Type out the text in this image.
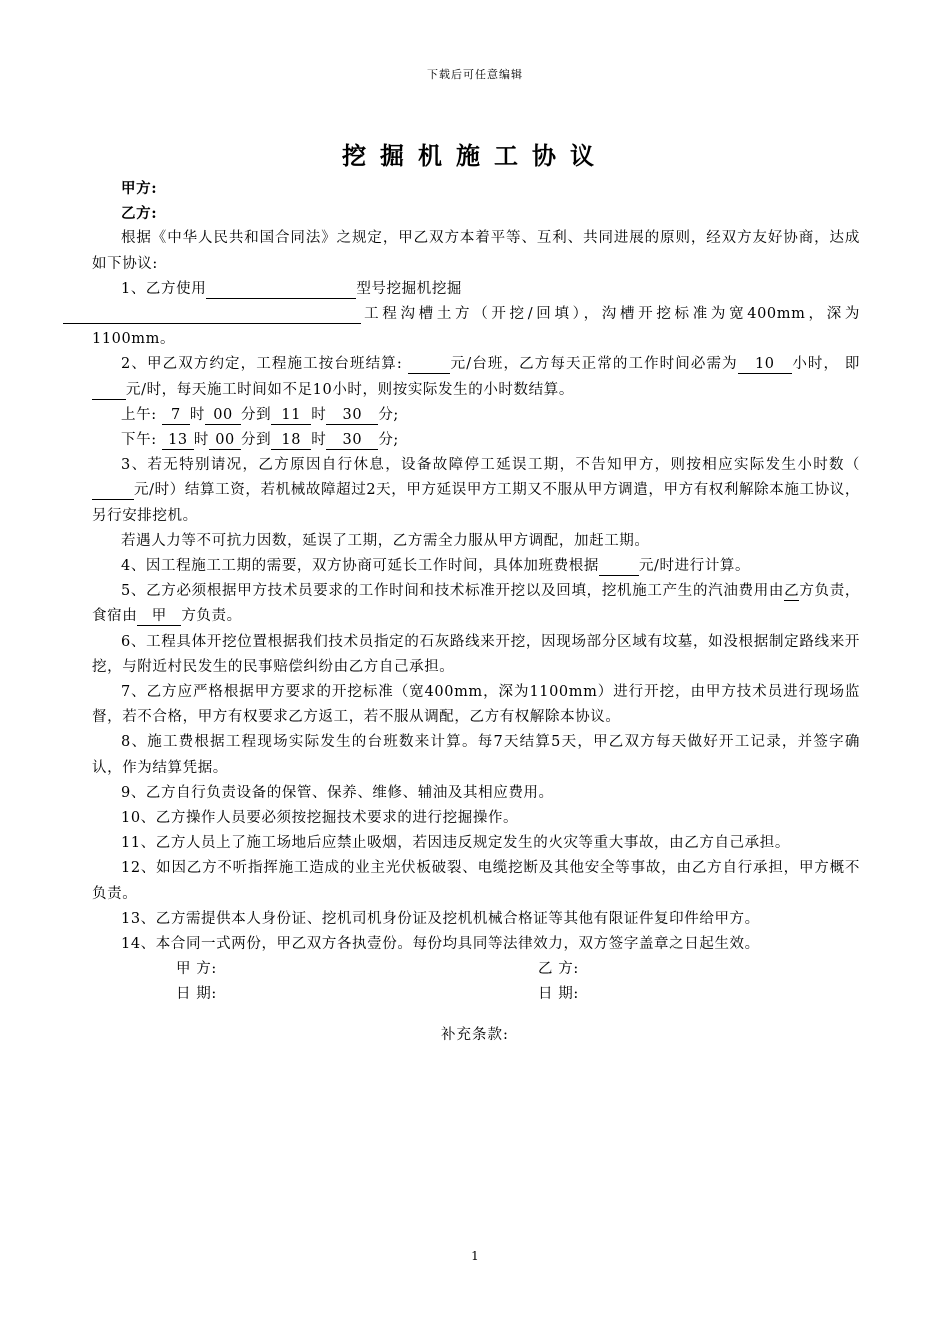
下载后可任意编辑
挖掘机施工协议

甲方:

乙方:

根据《中华人民共和国合同法》之规定，甲乙双方本着平等、互利、共同进展的原则，经双方友好协商，达成如下协议:

1、乙方使用	型号挖掘机挖掘
工程沟槽土方（开挖/回填），沟槽开挖标准为宽400mm，深为1100mm。

2、甲乙双方约定，工程施工按台班结算:	元/台班，乙方每天正常的工作时间必需为 10 小时， 即 元/时，每天施工时间如不足10小时，则按实际发生的小时数结算。

上午: 7 时 00 分到 11 时 30 分;

下午: 13 时 00 分到 18 时 30 分;

3、若无特别请况，乙方原因自行休息，设备故障停工延误工期，不告知甲方，则按相应实际发生小时数（ 元/时）结算工资，若机械故障超过2天，甲方延误甲方工期又不服从甲方调遣，甲方有权利解除本施工协议，另行安排挖机。

若遇人力等不可抗力因数，延误了工期，乙方需全力服从甲方调配，加赶工期。

4、因工程施工工期的需要，双方协商可延长工作时间，具体加班费根据	元/时进行计算。

5、乙方必须根据甲方技术员要求的工作时间和技术标准开挖以及回填，挖机施工产生的汽油费用由乙方负责，食宿由 甲 方负责。

6、工程具体开挖位置根据我们技术员指定的石灰路线来开挖，因现场部分区域有坟墓，如没根据制定路线来开挖，与附近村民发生的民事赔偿纠纷由乙方自己承担。

7、乙方应严格根据甲方要求的开挖标准（宽400mm，深为1100mm）进行开挖，由甲方技术员进行现场监督，若不合格，甲方有权要求乙方返工，若不服从调配，乙方有权解除本协议。

8、施工费根据工程现场实际发生的台班数来计算。每7天结算5天，甲乙双方每天做好开工记录，并签字确认，作为结算凭据。

9、乙方自行负责设备的保管、保养、维修、辅油及其相应费用。

10、乙方操作人员要必须按挖掘技术要求的进行挖掘操作。

11、乙方人员上了施工场地后应禁止吸烟，若因违反规定发生的火灾等重大事故，由乙方自己承担。

12、如因乙方不听指挥施工造成的业主光伏板破裂、电缆挖断及其他安全等事故，由乙方自行承担，甲方概不负责。

13、乙方需提供本人身份证、挖机司机身份证及挖机机械合格证等其他有限证件复印件给甲方。

14、本合同一式两份，甲乙双方各执壹份。每份均具同等法律效力，双方签字盖章之日起生效。

甲 方:	乙 方:
日 期:	日 期:
补充条款:
1
